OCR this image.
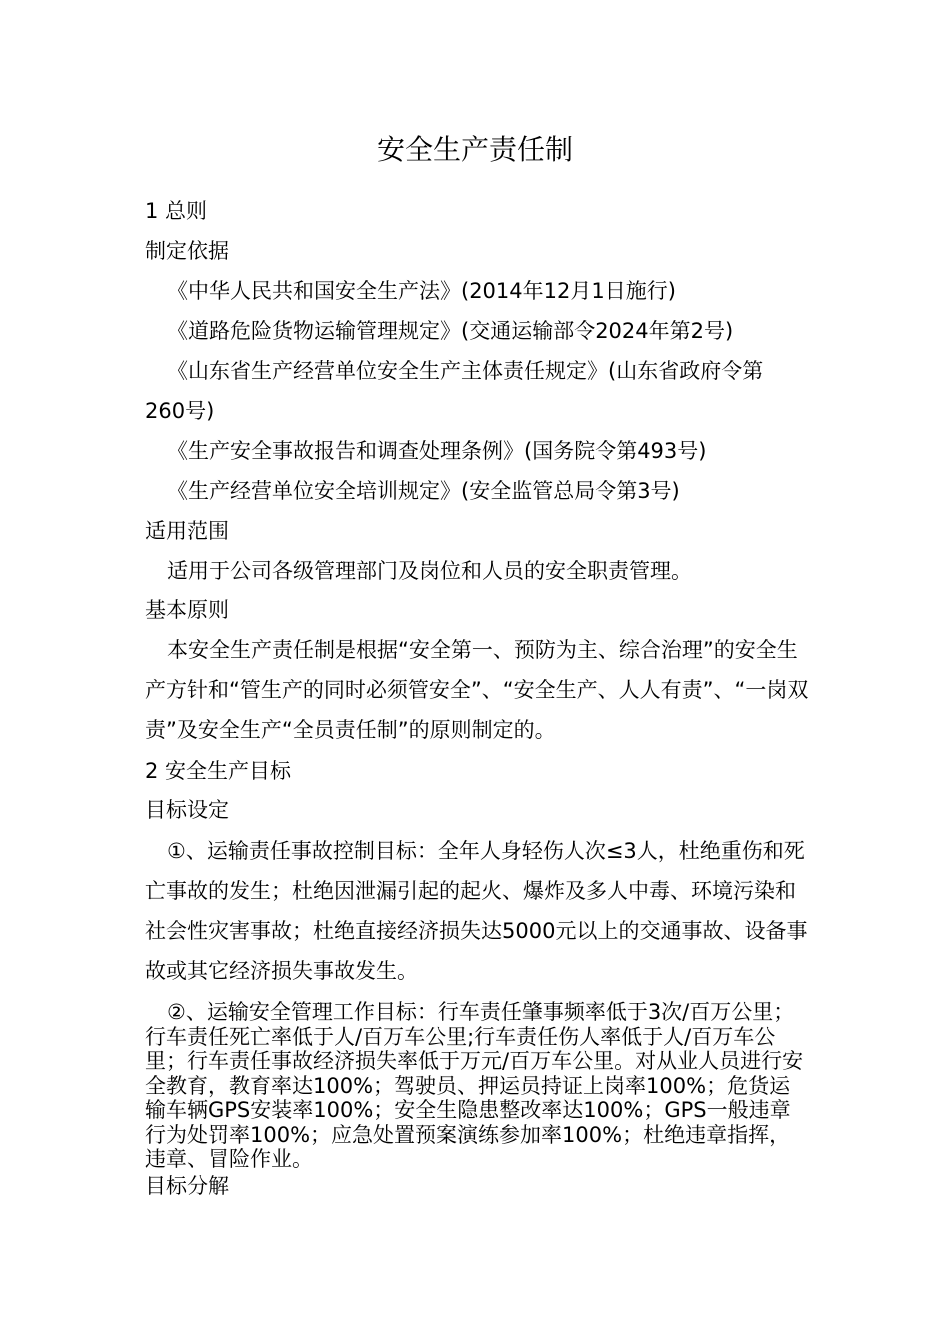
安全生产责任制
1 总则
制定依据
《中华人民共和国安全生产法》(2014年12月1日施行)
《道路危险货物运输管理规定》(交通运输部令2024年第2号)
《山东省生产经营单位安全生产主体责任规定》(山东省政府令第
260号)
《生产安全事故报告和调查处理条例》(国务院令第493号)
《生产经营单位安全培训规定》(安全监管总局令第3号)
适用范围
适用于公司各级管理部门及岗位和人员的安全职责管理。
基本原则

本安全生产责任制是根据“安全第一、预防为主、综合治理”的安全生产方针和“管生产的同时必须管安全”、“安全生产、人人有责”、“一岗双责”及安全生产“全员责任制”的原则制定的。

2 安全生产目标
目标设定

①、运输责任事故控制目标：全年人身轻伤人次≤3人，杜绝重伤和死亡事故的发生；杜绝因泄漏引起的起火、爆炸及多人中毒、环境污染和社会性灾害事故；杜绝直接经济损失达5000元以上的交通事故、设备事故或其它经济损失事故发生。

②、运输安全管理工作目标：行车责任肇事频率低于3次/百万公里；行车责任死亡率低于人/百万车公里;行车责任伤人率低于人/百万车公里；行车责任事故经济损失率低于万元/百万车公里。对从业人员进行安全教育，教育率达100%；驾驶员、押运员持证上岗率100%；危货运输车辆GPS安装率100%；安全生隐患整改率达100%；GPS一般违章行为处罚率100%；应急处置预案演练参加率100%；杜绝违章指挥，违章、冒险作业。

目标分解
